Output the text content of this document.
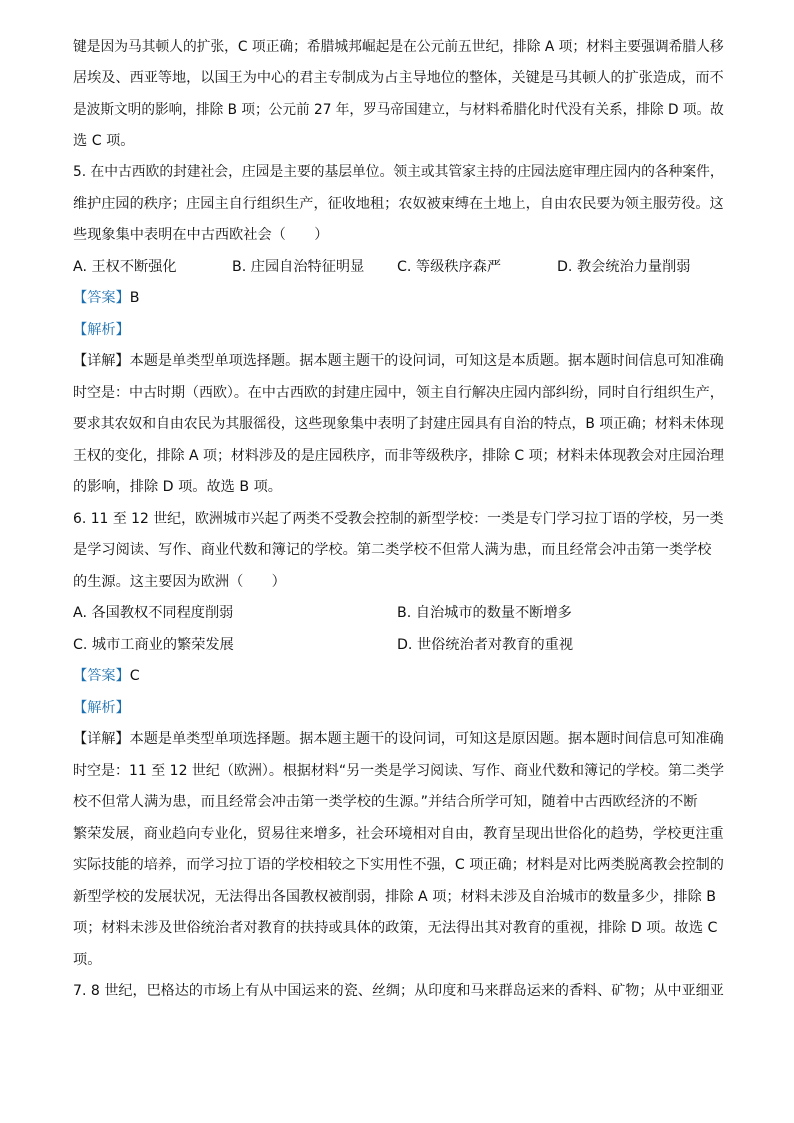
键是因为马其顿人的扩张，C 项正确；希腊城邦崛起是在公元前五世纪，排除 A 项；材料主要强调希腊人移
居埃及、西亚等地，以国王为中心的君主专制成为占主导地位的整体，关键是马其顿人的扩张造成，而不
是波斯文明的影响，排除 B 项；公元前 27 年，罗马帝国建立，与材料希腊化时代没有关系，排除 D 项。故
选 C 项。
5. 在中古西欧的封建社会，庄园是主要的基层单位。领主或其管家主持的庄园法庭审理庄园内的各种案件，
维护庄园的秩序；庄园主自行组织生产，征收地租；农奴被束缚在土地上，自由农民要为领主服劳役。这
些现象集中表明在中古西欧社会（　　）
A. 王权不断强化	B. 庄园自治特征明显 C. 等级秩序森严	D. 教会统治力量削弱
【答案】B
【解析】
【详解】本题是单类型单项选择题。据本题主题干的设问词，可知这是本质题。据本题时间信息可知准确
时空是：中古时期（西欧）。在中古西欧的封建庄园中，领主自行解决庄园内部纠纷，同时自行组织生产，
要求其农奴和自由农民为其服徭役，这些现象集中表明了封建庄园具有自治的特点，B 项正确；材料未体现
王权的变化，排除 A 项；材料涉及的是庄园秩序，而非等级秩序，排除 C 项；材料未体现教会对庄园治理
的影响，排除 D 项。故选 B 项。
6. 11 至 12 世纪，欧洲城市兴起了两类不受教会控制的新型学校：一类是专门学习拉丁语的学校，另一类
是学习阅读、写作、商业代数和簿记的学校。第二类学校不但常人满为患，而且经常会冲击第一类学校
的生源。这主要因为欧洲（　　）
A. 各国教权不同程度削弱	B. 自治城市的数量不断增多
C. 城市工商业的繁荣发展	D. 世俗统治者对教育的重视
【答案】C
【解析】
【详解】本题是单类型单项选择题。据本题主题干的设问词，可知这是原因题。据本题时间信息可知准确
时空是：11 至 12 世纪（欧洲）。根据材料“另一类是学习阅读、写作、商业代数和簿记的学校。第二类学
校不但常人满为患，而且经常会冲击第一类学校的生源。”并结合所学可知，随着中古西欧经济的不断
繁荣发展，商业趋向专业化，贸易往来增多，社会环境相对自由，教育呈现出世俗化的趋势，学校更注重
实际技能的培养，而学习拉丁语的学校相较之下实用性不强，C 项正确；材料是对比两类脱离教会控制的
新型学校的发展状况，无法得出各国教权被削弱，排除 A 项；材料未涉及自治城市的数量多少，排除 B
项；材料未涉及世俗统治者对教育的扶持或具体的政策，无法得出其对教育的重视，排除 D 项。故选 C
项。
7. 8 世纪，巴格达的市场上有从中国运来的瓷、丝绸；从印度和马来群岛运来的香料、矿物；从中亚细亚
